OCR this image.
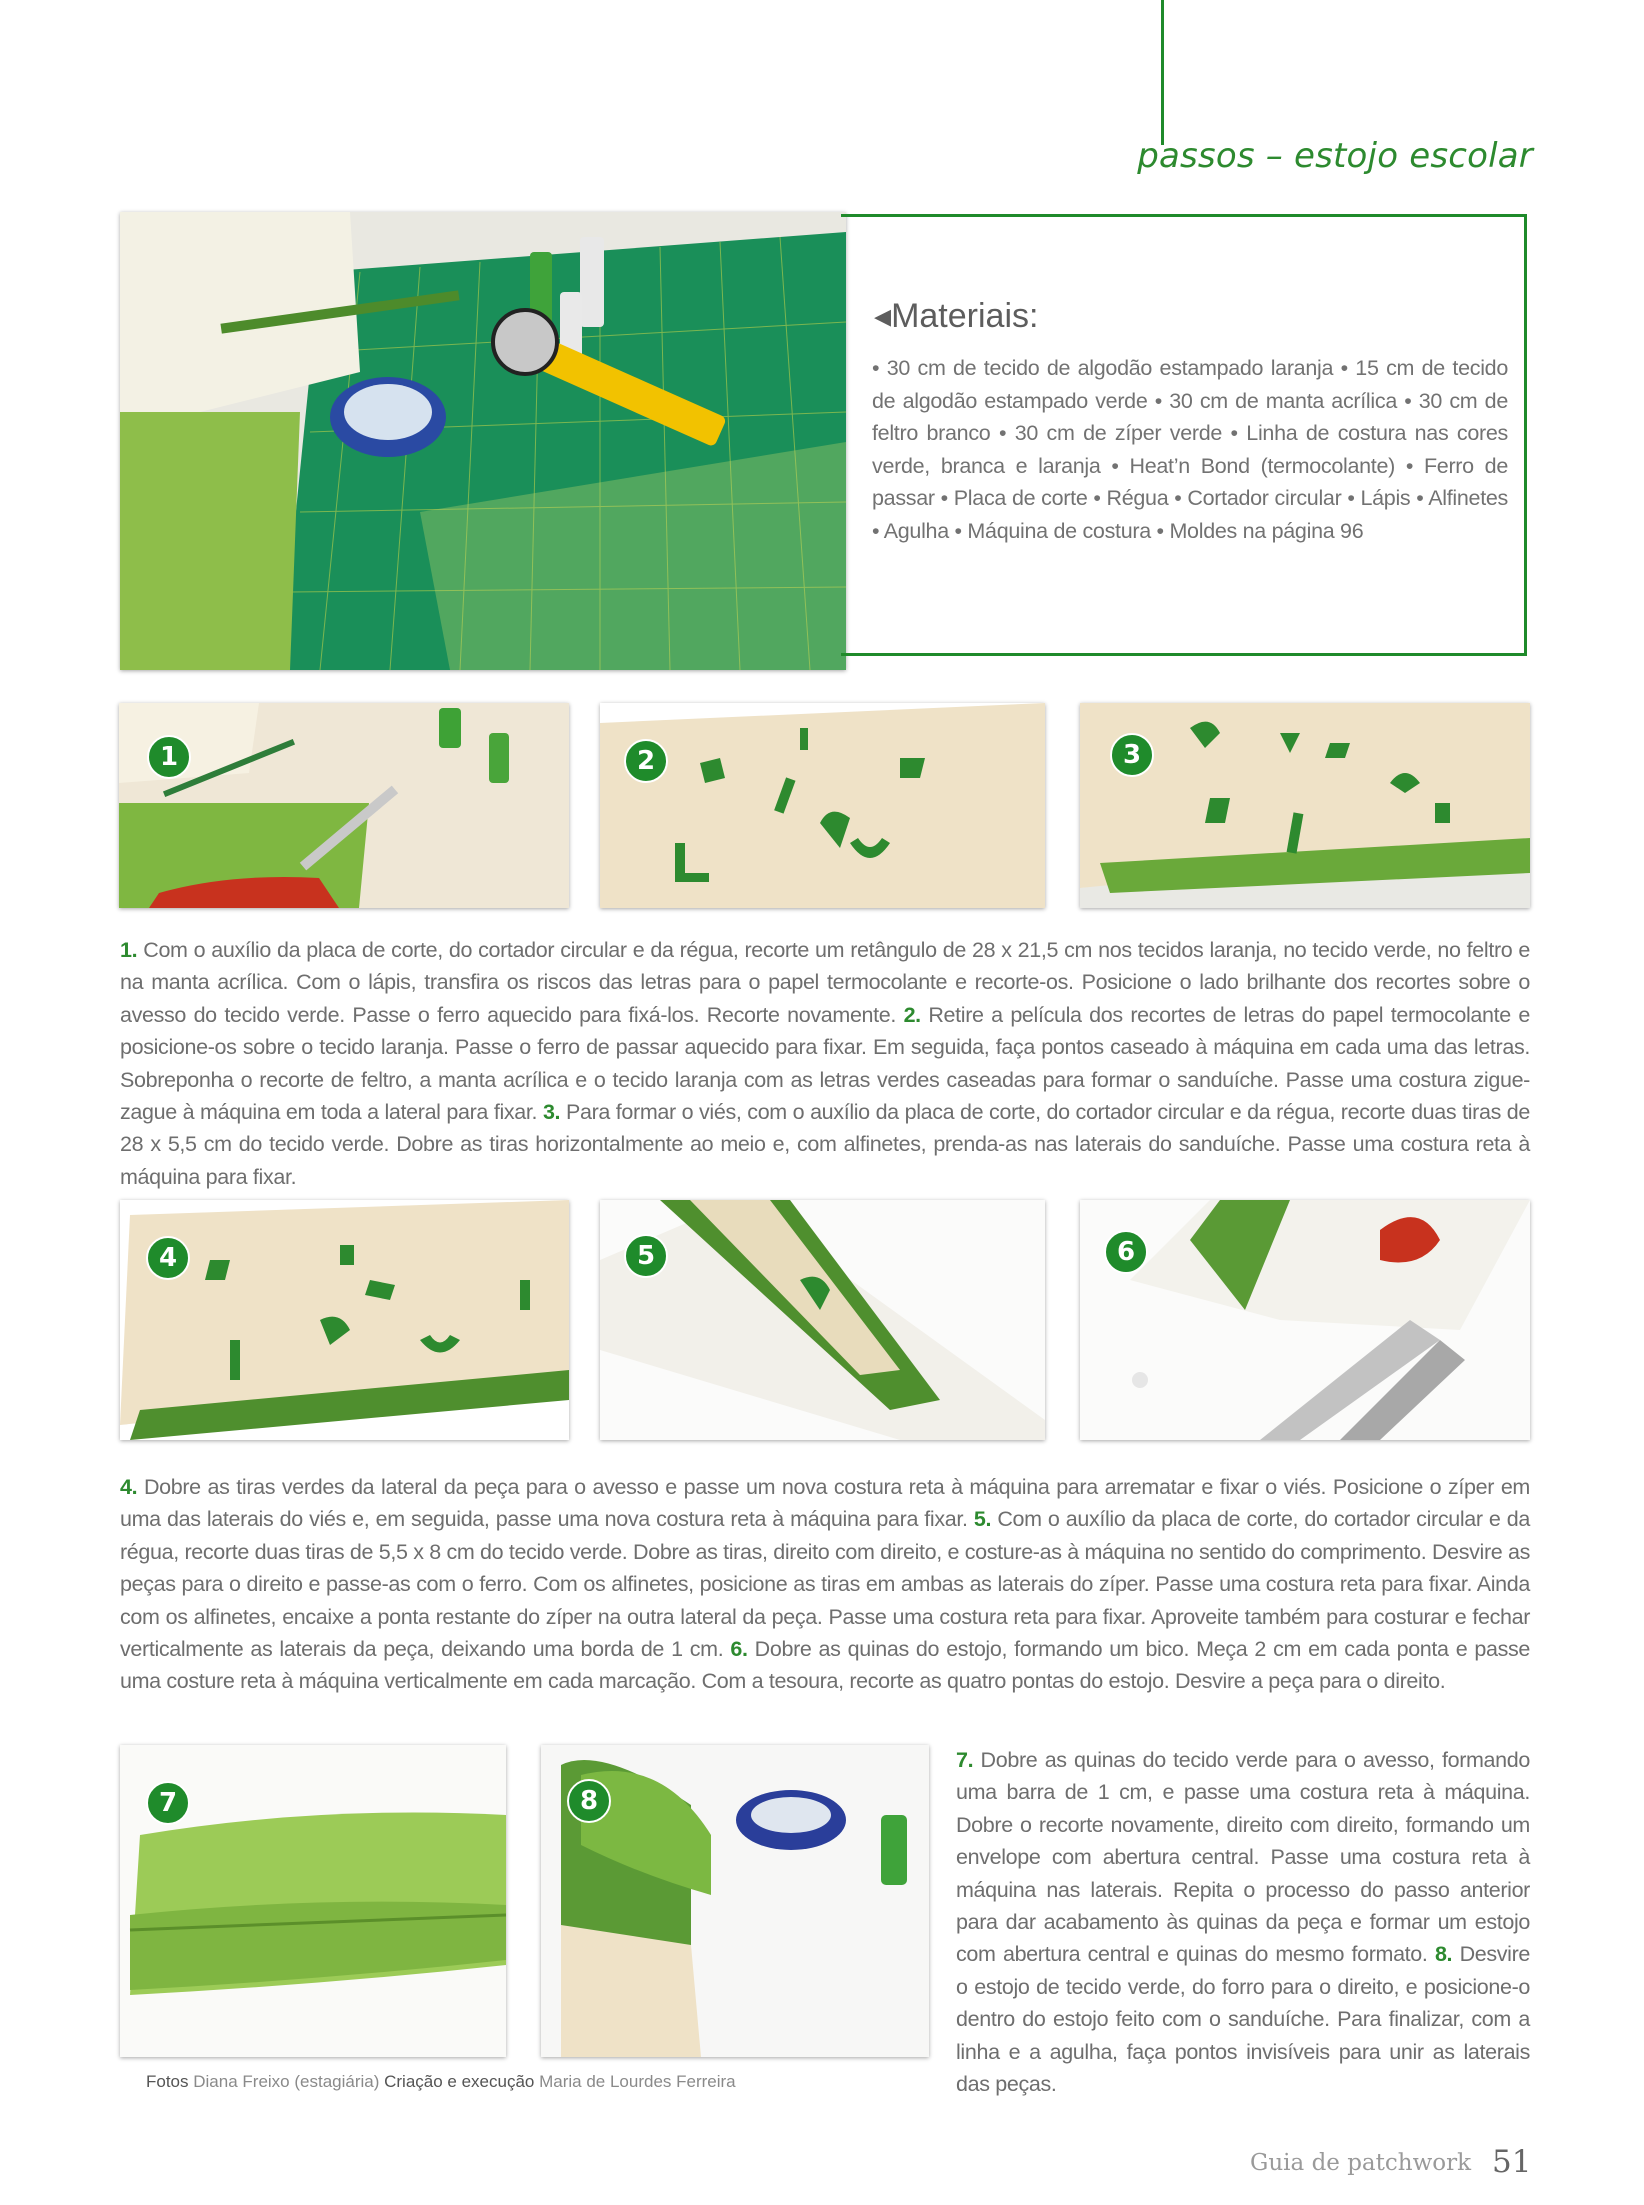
passos – estojo escolar
◂Materiais:
• 30 cm de tecido de algodão estampado laranja • 15 cm de tecido de algodão estampado verde • 30 cm de manta acrílica • 30 cm de feltro branco • 30 cm de zíper verde • Linha de costura nas cores verde, branca e laranja • Heat’n Bond (termocolante) • Ferro de passar • Placa de corte • Régua • Cortador circular • Lápis • Alfinetes • Agulha • Máquina de costura • Moldes na página 96
1	2	3
1. Com o auxílio da placa de corte, do cortador circular e da régua, recorte um retângulo de 28 x 21,5 cm nos tecidos laranja, no tecido verde, no feltro e na manta acrílica. Com o lápis, transfira os riscos das letras para o papel termocolante e recorte-os. Posicione o lado brilhante dos recortes sobre o avesso do tecido verde. Passe o ferro aquecido para fixá-los. Recorte novamente. 2. Retire a película dos recortes de letras do papel termocolante e posicione-os sobre o tecido laranja. Passe o ferro de passar aquecido para fixar. Em seguida, faça pontos caseado à máquina em cada uma das letras. Sobreponha o recorte de feltro, a manta acrílica e o tecido laranja com as letras verdes caseadas para formar o sanduíche. Passe uma costura zigue-zague à máquina em toda a lateral para fixar. 3. Para formar o viés, com o auxílio da placa de corte, do cortador circular e da régua, recorte duas tiras de 28 x 5,5 cm do tecido verde. Dobre as tiras horizontalmente ao meio e, com alfinetes, prenda-as nas laterais do sanduíche. Passe uma costura reta à máquina para fixar.
4	5	6
4. Dobre as tiras verdes da lateral da peça para o avesso e passe um nova costura reta à máquina para arrematar e fixar o viés. Posicione o zíper em uma das laterais do viés e, em seguida, passe uma nova costura reta à máquina para fixar. 5. Com o auxílio da placa de corte, do cortador circular e da régua, recorte duas tiras de 5,5 x 8 cm do tecido verde. Dobre as tiras, direito com direito, e costure-as à máquina no sentido do comprimento. Desvire as peças para o direito e passe-as com o ferro. Com os alfinetes, posicione as tiras em ambas as laterais do zíper. Passe uma costura reta para fixar. Ainda com os alfinetes, encaixe a ponta restante do zíper na outra lateral da peça. Passe uma costura reta para fixar. Aproveite também para costurar e fechar verticalmente as laterais da peça, deixando uma borda de 1 cm. 6. Dobre as quinas do estojo, formando um bico. Meça 2 cm em cada ponta e passe uma costure reta à máquina verticalmente em cada marcação. Com a tesoura, recorte as quatro pontas do estojo. Desvire a peça para o direito.
7	8
7. Dobre as quinas do tecido verde para o avesso, formando uma barra de 1 cm, e passe uma costura reta à máquina. Dobre o recorte novamente, direito com direito, formando um envelope com abertura central. Passe uma costura reta à máquina nas laterais. Repita o processo do passo anterior para dar acabamento às quinas da peça e formar um estojo com abertura central e quinas do mesmo formato. 8. Desvire o estojo de tecido verde, do forro para o direito, e posicione-o dentro do estojo feito com o sanduíche. Para finalizar, com a linha e a agulha, faça pontos invisíveis para unir as laterais das peças.
Fotos Diana Freixo (estagiária) Criação e execução Maria de Lourdes Ferreira
Guia de patchwork 51
